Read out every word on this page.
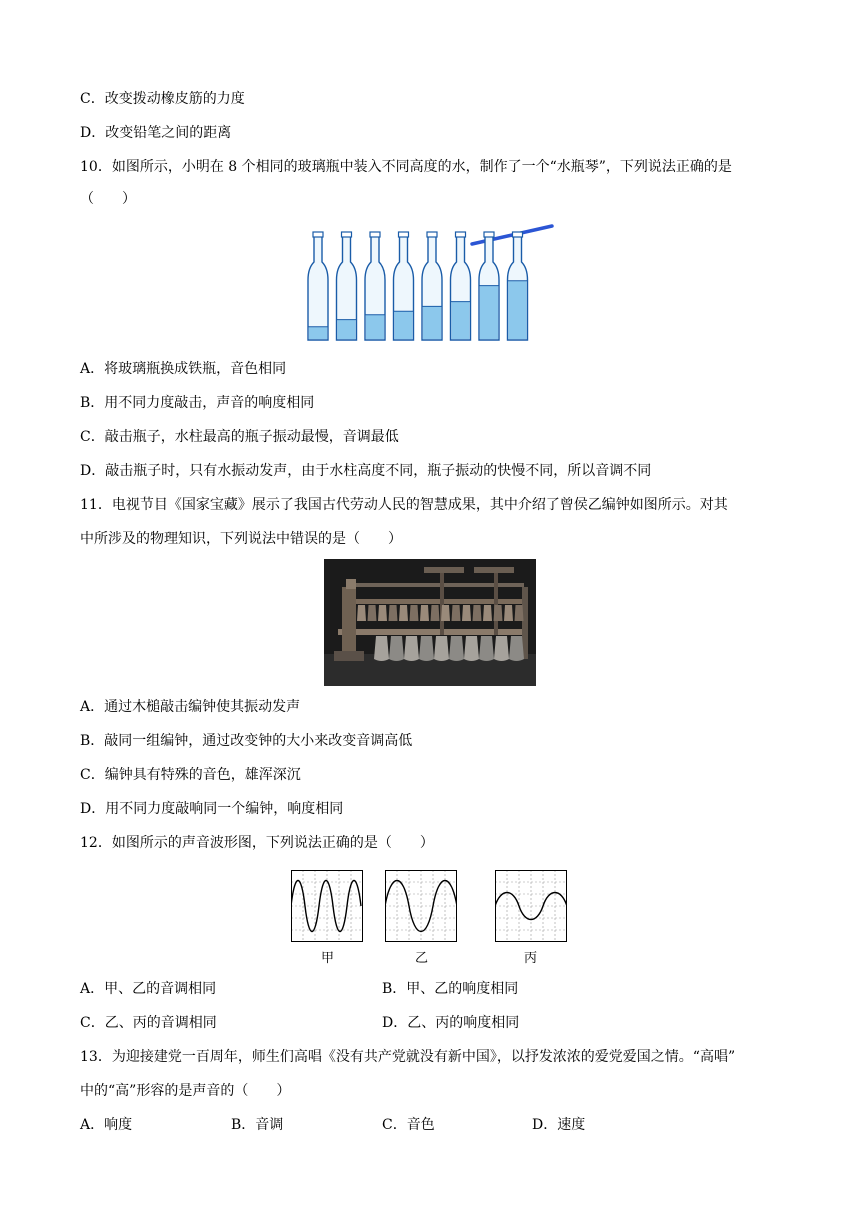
C．改变拨动橡皮筋的力度
D．改变铅笔之间的距离
10．如图所示，小明在 8 个相同的玻璃瓶中装入不同高度的水，制作了一个“水瓶琴”，下列说法正确的是
（　　）
A．将玻璃瓶换成铁瓶，音色相同
B．用不同力度敲击，声音的响度相同
C．敲击瓶子，水柱最高的瓶子振动最慢，音调最低
D．敲击瓶子时，只有水振动发声，由于水柱高度不同，瓶子振动的快慢不同，所以音调不同
11．电视节目《国家宝藏》展示了我国古代劳动人民的智慧成果，其中介绍了曾侯乙编钟如图所示。对其
中所涉及的物理知识，下列说法中错误的是（　　）
A．通过木槌敲击编钟使其振动发声
B．敲同一组编钟，通过改变钟的大小来改变音调高低
C．编钟具有特殊的音色，雄浑深沉
D．用不同力度敲响同一个编钟，响度相同
12．如图所示的声音波形图，下列说法正确的是（　　）
甲	乙	丙
A．甲、乙的音调相同	B．甲、乙的响度相同
C．乙、丙的音调相同	D．乙、丙的响度相同
13．为迎接建党一百周年，师生们高唱《没有共产党就没有新中国》，以抒发浓浓的爱党爱国之情。“高唱”
中的“高”形容的是声音的（　　）
A．响度	B．音调	C．音色	D．速度
